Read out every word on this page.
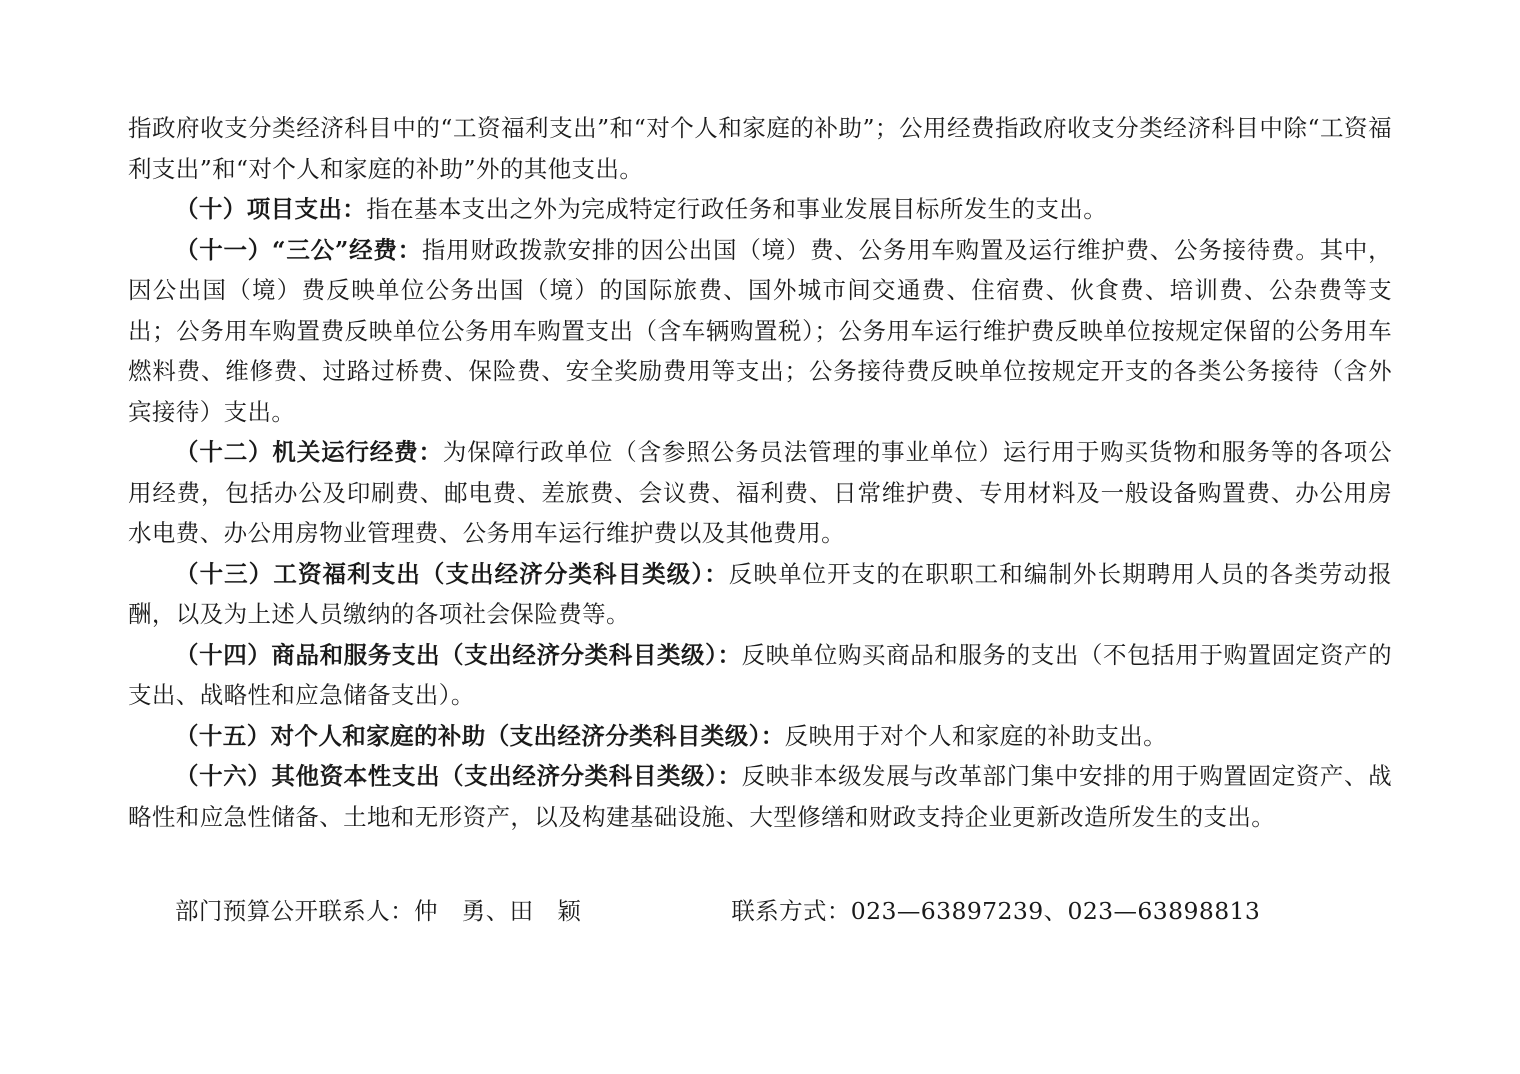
指政府收支分类经济科目中的“工资福利支出”和“对个人和家庭的补助”；公用经费指政府收支分类经济科目中除“工资福利支出”和“对个人和家庭的补助”外的其他支出。

（十）项目支出：指在基本支出之外为完成特定行政任务和事业发展目标所发生的支出。

（十一）“三公”经费：指用财政拨款安排的因公出国（境）费、公务用车购置及运行维护费、公务接待费。其中，因公出国（境）费反映单位公务出国（境）的国际旅费、国外城市间交通费、住宿费、伙食费、培训费、公杂费等支出；公务用车购置费反映单位公务用车购置支出（含车辆购置税）；公务用车运行维护费反映单位按规定保留的公务用车燃料费、维修费、过路过桥费、保险费、安全奖励费用等支出；公务接待费反映单位按规定开支的各类公务接待（含外宾接待）支出。

（十二）机关运行经费：为保障行政单位（含参照公务员法管理的事业单位）运行用于购买货物和服务等的各项公用经费，包括办公及印刷费、邮电费、差旅费、会议费、福利费、日常维护费、专用材料及一般设备购置费、办公用房水电费、办公用房物业管理费、公务用车运行维护费以及其他费用。

（十三）工资福利支出（支出经济分类科目类级）：反映单位开支的在职职工和编制外长期聘用人员的各类劳动报酬，以及为上述人员缴纳的各项社会保险费等。

（十四）商品和服务支出（支出经济分类科目类级）：反映单位购买商品和服务的支出（不包括用于购置固定资产的支出、战略性和应急储备支出）。

（十五）对个人和家庭的补助（支出经济分类科目类级）：反映用于对个人和家庭的补助支出。

（十六）其他资本性支出（支出经济分类科目类级）：反映非本级发展与改革部门集中安排的用于购置固定资产、战略性和应急性储备、土地和无形资产，以及构建基础设施、大型修缮和财政支持企业更新改造所发生的支出。

部门预算公开联系人：仲　勇、田　颖	联系方式：023—63897239、023—63898813
